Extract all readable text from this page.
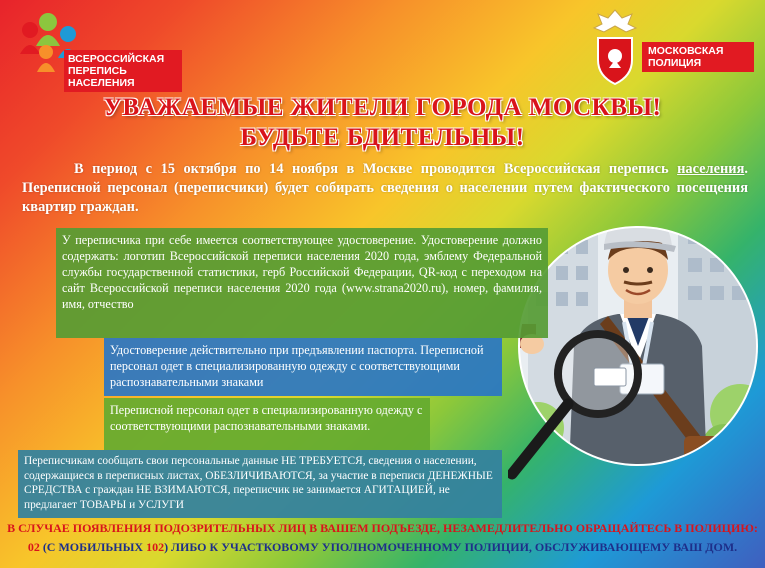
ВСЕРОССИЙСКАЯ ПЕРЕПИСЬ НАСЕЛЕНИЯ
МОСКОВСКАЯ ПОЛИЦИЯ
УВАЖАЕМЫЕ ЖИТЕЛИ ГОРОДА МОСКВЫ!
БУДЬТЕ БДИТЕЛЬНЫ!
В период с 15 октября по 14 ноября в Москве проводится Всероссийская перепись населения. Переписной персонал (переписчики) будет собирать сведения о населении путем фактического посещения квартир граждан.
У переписчика при себе имеется соответствующее удостоверение. Удостоверение должно содержать: логотип Всероссийской переписи населения 2020 года, эмблему Федеральной службы государственной статистики, герб Российской Федерации, QR-код с переходом на сайт Всероссийской переписи населения 2020 года (www.strana2020.ru), номер, фамилия, имя, отчество
Удостоверение действительно при предъявлении паспорта. Переписной персонал одет в специализированную одежду с соответствующими распознавательными знаками
Переписной персонал одет в специализированную одежду с соответствующими распознавательными знаками.
Переписчикам сообщать свои персональные данные НЕ ТРЕБУЕТСЯ, сведения о населении, содержащиеся в переписных листах, ОБЕЗЛИЧИВАЮТСЯ, за участие в переписи ДЕНЕЖНЫЕ СРЕДСТВА с граждан НЕ ВЗИМАЮТСЯ, переписчик не занимается АГИТАЦИЕЙ, не предлагает ТОВАРЫ и УСЛУГИ
В СЛУЧАЕ ПОЯВЛЕНИЯ ПОДОЗРИТЕЛЬНЫХ ЛИЦ В ВАШЕМ ПОДЪЕЗДЕ, НЕЗАМЕДЛИТЕЛЬНО ОБРАЩАЙТЕСЬ В ПОЛИЦИЮ:
02 (С МОБИЛЬНЫХ 102) ЛИБО К УЧАСТКОВОМУ УПОЛНОМОЧЕННОМУ ПОЛИЦИИ, ОБСЛУЖИВАЮЩЕМУ ВАШ ДОМ.
